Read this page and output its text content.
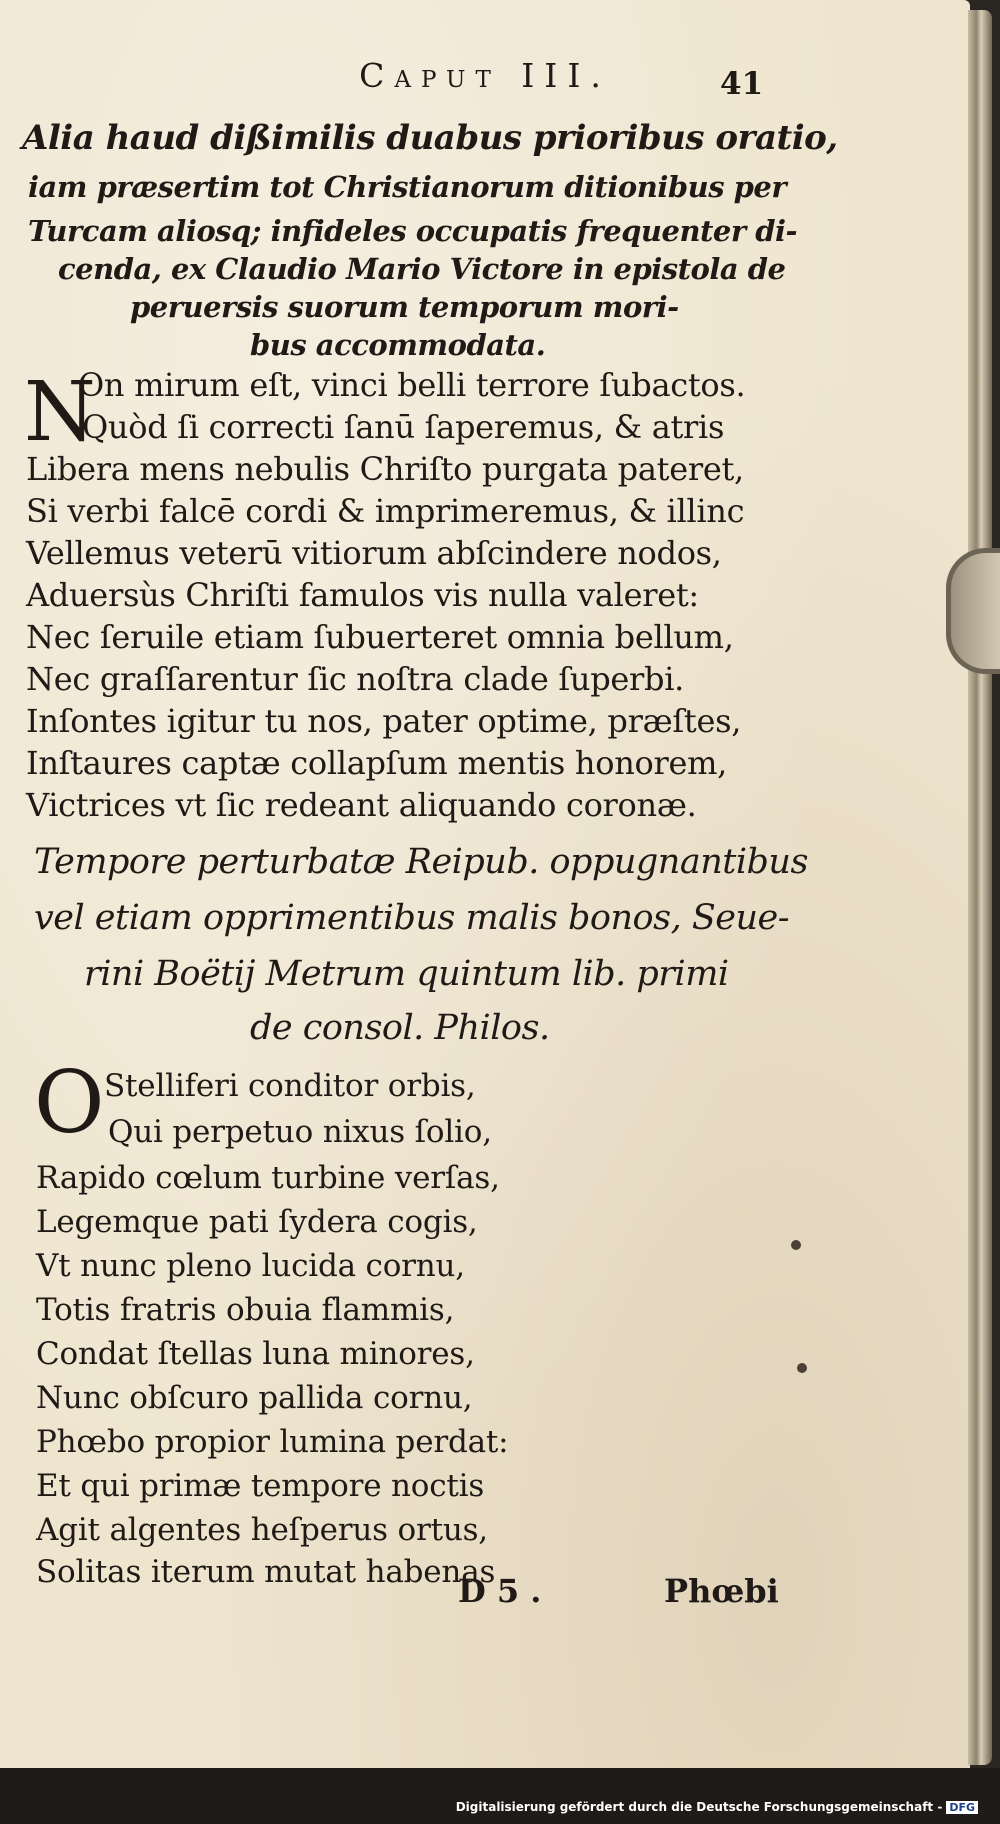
Caput III.	41
Alia haud dißimilis duabus prioribus oratio,
iam præsertim tot Christianorum ditionibus per
Turcam aliosq; infideles occupatis frequenter di-
cenda, ex Claudio Mario Victore in epistola de
peruersis suorum temporum mori-
bus accommodata.
N
On mirum eſt, vinci belli terrore ſubactos.
Quòd ſi correcti ſanū ſaperemus, & atris
Libera mens nebulis Chriſto purgata pateret,
Si verbi falcē cordi & imprimeremus, & illinc
Vellemus veterū vitiorum abſcindere nodos,
Aduersùs Chriſti famulos vis nulla valeret:
Nec ſeruile etiam ſubuerteret omnia bellum,
Nec graſſarentur ſic noſtra clade ſuperbi.
Inſontes igitur tu nos, pater optime, præſtes,
Inſtaures captæ collapſum mentis honorem,
Victrices vt ſic redeant aliquando coronæ.
Tempore perturbatæ Reipub. oppugnantibus
vel etiam opprimentibus malis bonos, Seue-
rini Boëtij Metrum quintum lib. primi
de consol. Philos.
O Stelliferi conditor orbis,
Qui perpetuo nixus ſolio,
Rapido cœlum turbine verſas,
Legemque pati ſydera cogis,
Vt nunc pleno lucida cornu,
Totis fratris obuia flammis,
Condat ſtellas luna minores,
Nunc obſcuro pallida cornu,
Phœbo propior lumina perdat:
Et qui primæ tempore noctis
Agit algentes heſperus ortus,
Solitas iterum mutat habenas
D 5 .	Phœbi
Digitalisierung gefördert durch die Deutsche Forschungsgemeinschaft - DFG
